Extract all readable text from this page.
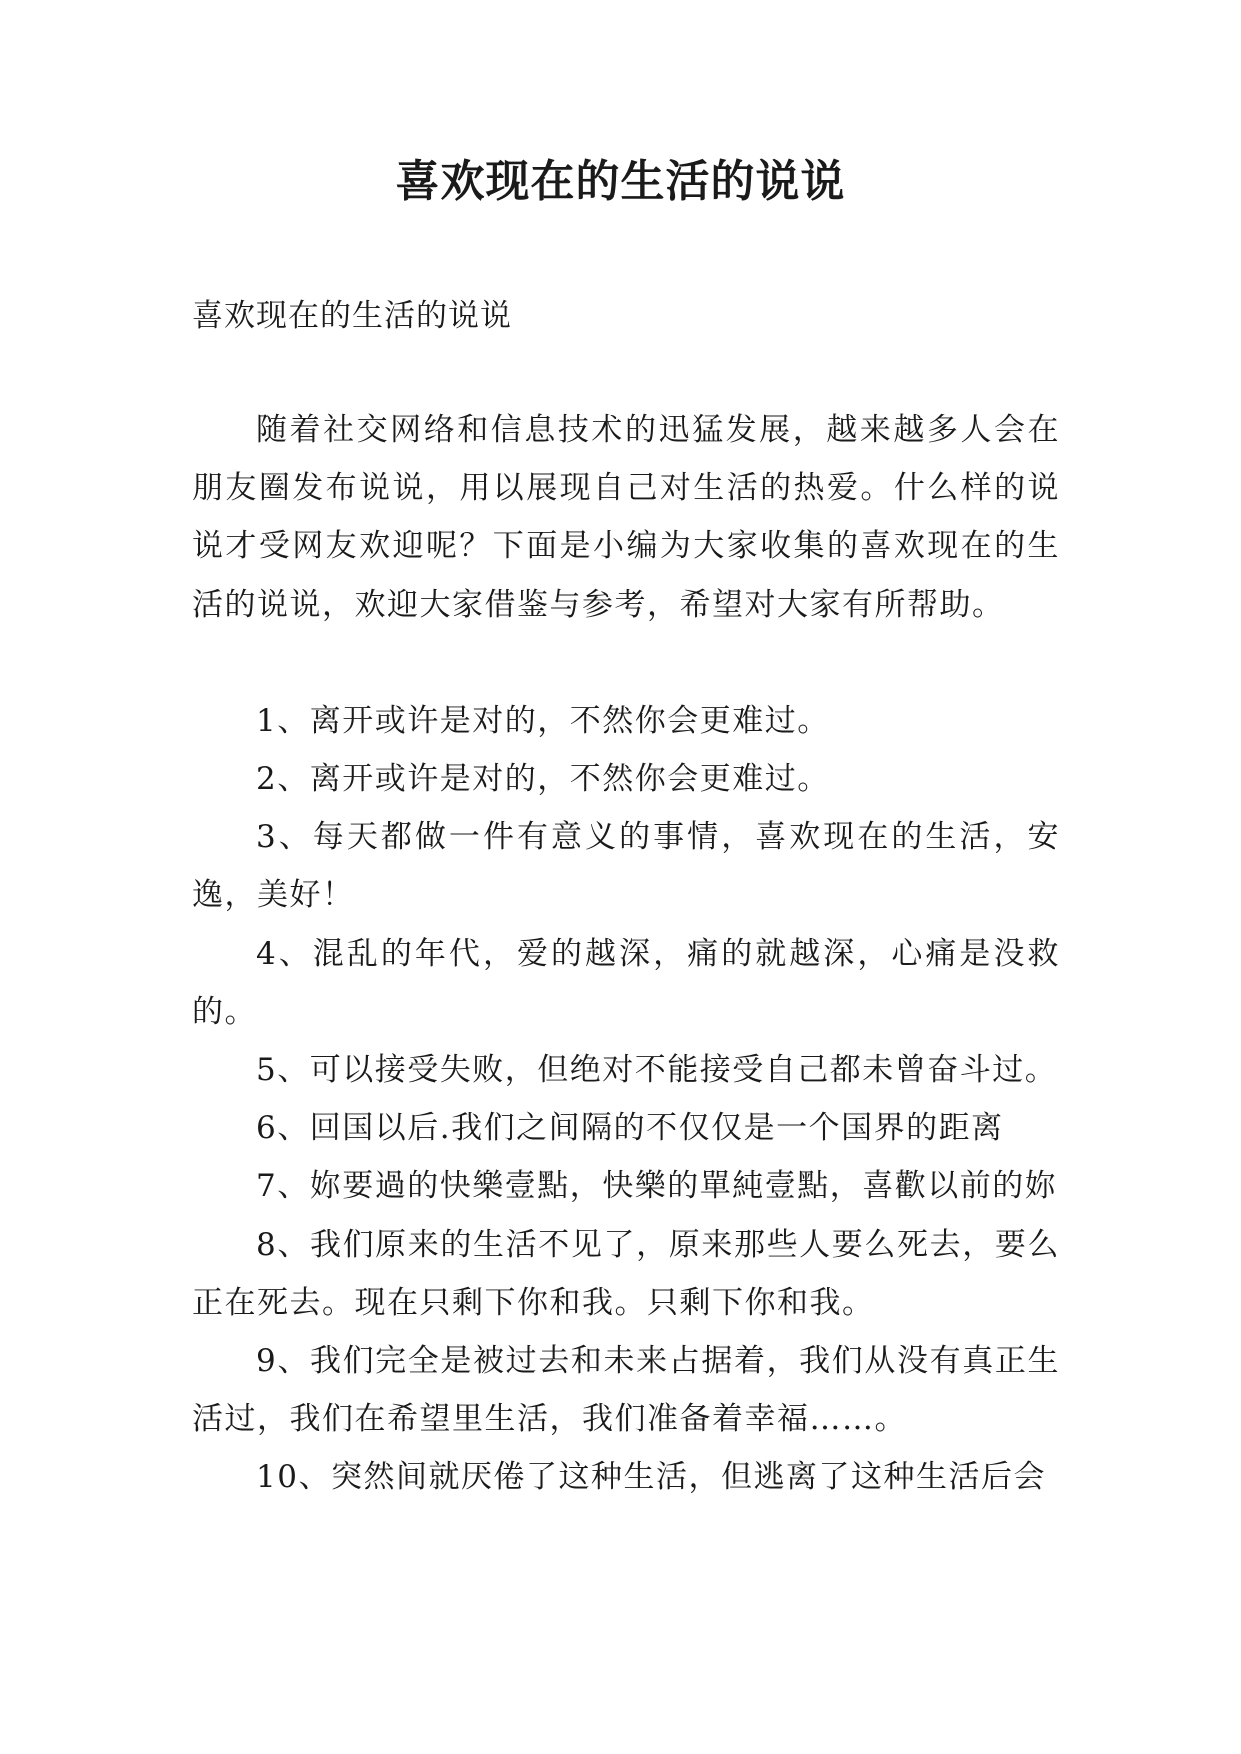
喜欢现在的生活的说说

喜欢现在的生活的说说

随着社交网络和信息技术的迅猛发展，越来越多人会在朋友圈发布说说，用以展现自己对生活的热爱。什么样的说说才受网友欢迎呢？下面是小编为大家收集的喜欢现在的生活的说说，欢迎大家借鉴与参考，希望对大家有所帮助。

1、离开或许是对的，不然你会更难过。

2、离开或许是对的，不然你会更难过。

3、每天都做一件有意义的事情，喜欢现在的生活，安逸，美好！

4、混乱的年代，爱的越深，痛的就越深，心痛是没救的。

5、可以接受失败，但绝对不能接受自己都未曾奋斗过。

6、回国以后.我们之间隔的不仅仅是一个国界的距离

7、妳要過的快樂壹點，快樂的單純壹點，喜歡以前的妳

8、我们原来的生活不见了，原来那些人要么死去，要么正在死去。现在只剩下你和我。只剩下你和我。

9、我们完全是被过去和未来占据着，我们从没有真正生活过，我们在希望里生活，我们准备着幸福……。

10、突然间就厌倦了这种生活，但逃离了这种生活后会
